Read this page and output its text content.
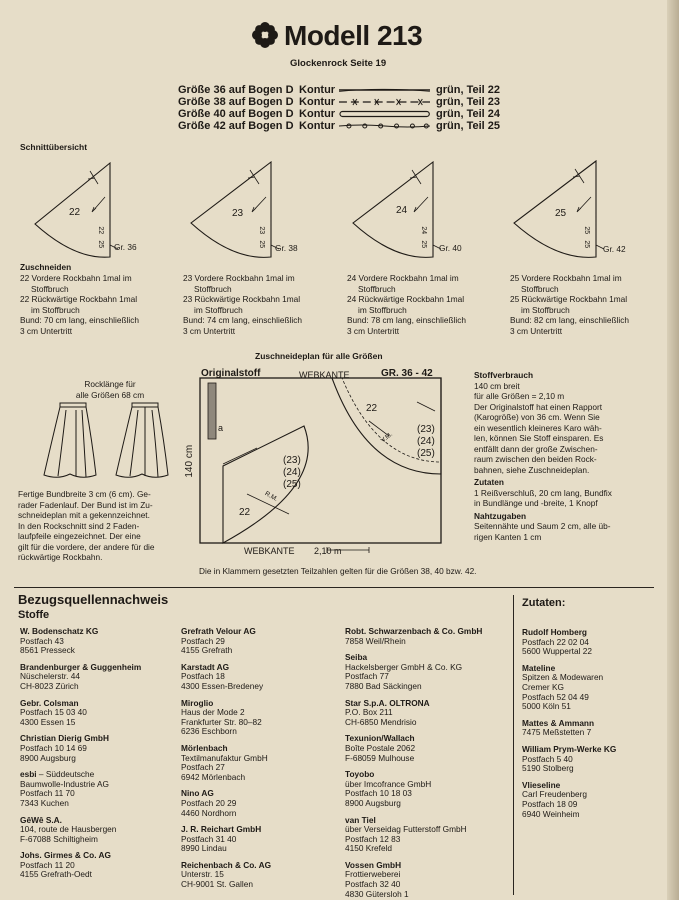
Modell 213
Glockenrock Seite 19
Größe 36 auf Bogen D Kontur	grün, Teil 22
Größe 38 auf Bogen D Kontur	grün, Teil 23
Größe 40 auf Bogen D Kontur	grün, Teil 24
Größe 42 auf Bogen D Kontur	grün, Teil 25
Schnittübersicht
22
22
25 Gr. 36
23
23
25 Gr. 38
24
24
25 Gr. 40
25
25
25 Gr. 42
Zuschneiden
22 Vordere Rockbahn 1mal im
Stoffbruch
22 Rückwärtige Rockbahn 1mal
im Stoffbruch
Bund: 70 cm lang, einschließlich
3 cm Untertritt
23 Vordere Rockbahn 1mal im
Stoffbruch
23 Rückwärtige Rockbahn 1mal
im Stoffbruch
Bund: 74 cm lang, einschließlich
3 cm Untertritt
24 Vordere Rockbahn 1mal im
Stoffbruch
24 Rückwärtige Rockbahn 1mal
im Stoffbruch
Bund: 78 cm lang, einschließlich
3 cm Untertritt
25 Vordere Rockbahn 1mal im
Stoffbruch
25 Rückwärtige Rockbahn 1mal
im Stoffbruch
Bund: 82 cm lang, einschließlich
3 cm Untertritt
Rocklänge für
alle Größen 68 cm
Fertige Bundbreite 3 cm (6 cm). Ge-
rader Fadenlauf. Der Bund ist im Zu-
schneideplan mit a gekennzeichnet.
In den Rockschnitt sind 2 Faden-
laufpfeile eingezeichnet. Der eine
gilt für die vordere, der andere für die
rückwärtige Rockbahn.
Zuschneideplan für alle Größen
Originalstoff	WEBKANTE	GR. 36 - 42
140 cm
a
22
V.M.
(23)
(24)
(25)
(23)
(24)
(25)
R.M.
22
WEBKANTE 2,10 m
Die in Klammern gesetzten Teilzahlen gelten für die Größen 38, 40 bzw. 42.
Stoffverbrauch
140 cm breit
für alle Größen = 2,10 m
Der Originalstoff hat einen Rapport
(Karogröße) von 36 cm. Wenn Sie
ein wesentlich kleineres Karo wäh-
len, können Sie Stoff einsparen. Es
entfällt dann der große Zwischen-
raum zwischen den beiden Rock-
bahnen, siehe Zuschneideplan.
Zutaten
1 Reißverschluß, 20 cm lang, Bundfix
in Bundlänge und -breite, 1 Knopf
Nahtzugaben
Seitennähte und Saum 2 cm, alle üb-
rigen Kanten 1 cm
Bezugsquellennachweis
Stoffe
Zutaten:
W. Bodenschatz KG
Postfach 43
8561 Presseck
Brandenburger & Guggenheim
Nüschelerstr. 44
CH-8023 Zürich
Gebr. Colsman
Postfach 15 03 40
4300 Essen 15
Christian Dierig GmbH
Postfach 10 14 69
8900 Augsburg
esbi – Süddeutsche
Baumwolle-Industrie AG
Postfach 11 70
7343 Kuchen
GêWê S.A.
104, route de Hausbergen
F-67088 Schiltigheim
Johs. Girmes & Co. AG
Postfach 11 20
4155 Grefrath-Oedt
Grefrath Velour AG
Postfach 29
4155 Grefrath
Karstadt AG
Postfach 18
4300 Essen-Bredeney
Miroglio
Haus der Mode 2
Frankfurter Str. 80–82
6236 Eschborn
Mörlenbach
Textilmanufaktur GmbH
Postfach 27
6942 Mörlenbach
Nino AG
Postfach 20 29
4460 Nordhorn
J. R. Reichart GmbH
Postfach 31 40
8990 Lindau
Reichenbach & Co. AG
Unterstr. 15
CH-9001 St. Gallen
Robt. Schwarzenbach & Co. GmbH
7858 Weil/Rhein
Seiba
Hackelsberger GmbH & Co. KG
Postfach 77
7880 Bad Säckingen
Star S.p.A. OLTRONA
P.O. Box 211
CH-6850 Mendrisio
Texunion/Wallach
Boîte Postale 2062
F-68059 Mulhouse
Toyobo
über Imcofrance GmbH
Postfach 10 18 03
8900 Augsburg
van Tiel
über Verseidag Futterstoff GmbH
Postfach 12 83
4150 Krefeld
Vossen GmbH
Frottierweberei
Postfach 32 40
4830 Gütersloh 1
Rudolf Homberg
Postfach 22 02 04
5600 Wuppertal 22
Mateline
Spitzen & Modewaren
Cremer KG
Postfach 52 04 49
5000 Köln 51
Mattes & Ammann
7475 Meßstetten 7
William Prym-Werke KG
Postfach 5 40
5190 Stolberg
Vlieseline
Carl Freudenberg
Postfach 18 09
6940 Weinheim
